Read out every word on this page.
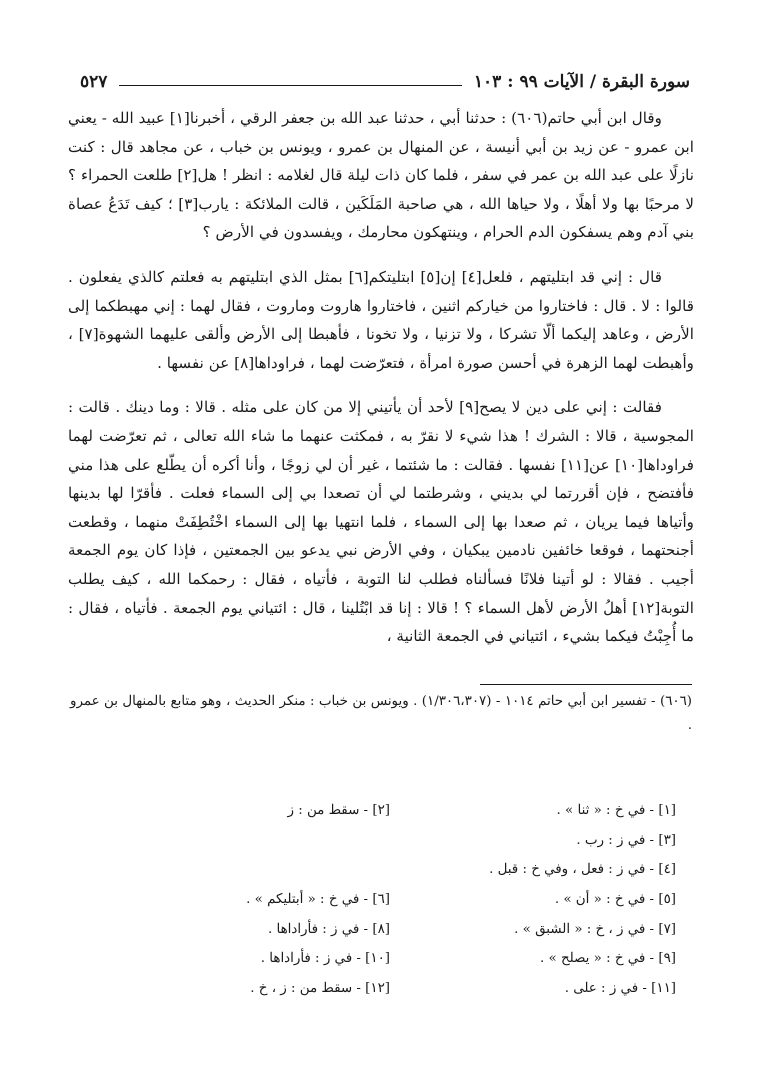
٥٢٧	سورة البقرة / الآيات ٩٩ : ١٠٣

وقال ابن أبي حاتم(٦٠٦) : حدثنا أبي ، حدثنا عبد الله بن جعفر الرقي ، أخبرنا[١] عبيد الله - يعني ابن عمرو - عن زيد بن أبي أنيسة ، عن المنهال بن عمرو ، ويونس بن خباب ، عن مجاهد قال : كنت نازلًا على عبد الله بن عمر في سفر ، فلما كان ذات ليلة قال لغلامه : انظر ! هل[٢] طلعت الحمراء ؟ لا مرحبًا بها ولا أهلًا ، ولا حياها الله ، هي صاحبة المَلَكَين ، قالت الملائكة : يارب[٣] ؛ كيف تَدَعُ عصاة بني آدم وهم يسفكون الدم الحرام ، وينتهكون محارمك ، ويفسدون في الأرض ؟

قال : إني قد ابتليتهم ، فلعل[٤] إن[٥] ابتليتكم[٦] بمثل الذي ابتليتهم به فعلتم كالذي يفعلون . قالوا : لا . قال : فاختاروا من خياركم اثنين ، فاختاروا هاروت وماروت ، فقال لهما : إني مهبطكما إلى الأرض ، وعاهد إليكما ألّا تشركا ، ولا تزنيا ، ولا تخونا ، فأهبطا إلى الأرض وألقى عليهما الشهوة[٧] ، وأهبطت لهما الزهرة في أحسن صورة امرأة ، فتعرّضت لهما ، فراوداها[٨] عن نفسها .

فقالت : إني على دين لا يصح[٩] لأحد أن يأتيني إلا من كان على مثله . قالا : وما دينك . قالت : المجوسية ، قالا : الشرك ! هذا شيء لا نقرّ به ، فمكثت عنهما ما شاء الله تعالى ، ثم تعرّضت لهما فراوداها[١٠] عن[١١] نفسها . فقالت : ما شئتما ، غير أن لي زوجًا ، وأنا أكره أن يطّلع على هذا مني فأفتضح ، فإن أقررتما لي بديني ، وشرطتما لي أن تصعدا بي إلى السماء فعلت . فأقرّا لها بدينها وأتياها فيما يريان ، ثم صعدا بها إلى السماء ، فلما انتهيا بها إلى السماء اخْتُطِفَتْ منهما ، وقطعت أجنحتهما ، فوقعا خائفين نادمين يبكيان ، وفي الأرض نبي يدعو بين الجمعتين ، فإذا كان يوم الجمعة أجيب . فقالا : لو أتينا فلانًا فسألناه فطلب لنا التوبة ، فأتياه ، فقال : رحمكما الله ، كيف يطلب التوبة[١٢] أهلُ الأرض لأهل السماء ؟ ! قالا : إنا قد ابْتُلينا ، قال : ائتياني يوم الجمعة . فأتياه ، فقال : ما أُجِبْتُ فيكما بشيء ، ائتياني في الجمعة الثانية ،

(٦٠٦) - تفسير ابن أبي حاتم ١٠١٤ - (١/٣٠٦،٣٠٧) . ويونس بن خباب : منكر الحديث ، وهو متابع بالمنهال بن عمرو .
[١] - في خ : « ثنا » .
[٣] - في ز : رب .
[٤] - في ز : فعل ، وفي خ : قبل .
[٥] - في خ : « أن » .
[٧] - في ز ، خ : « الشبق » .
[٩] - في خ : « يصلح » .
[١١] - في ز : على .
[٢] - سقط من : ز
[٦] - في خ : « أبتليكم » .
[٨] - في ز : فأراداها .
[١٠] - في ز : فأراداها .
[١٢] - سقط من : ز ، خ .
